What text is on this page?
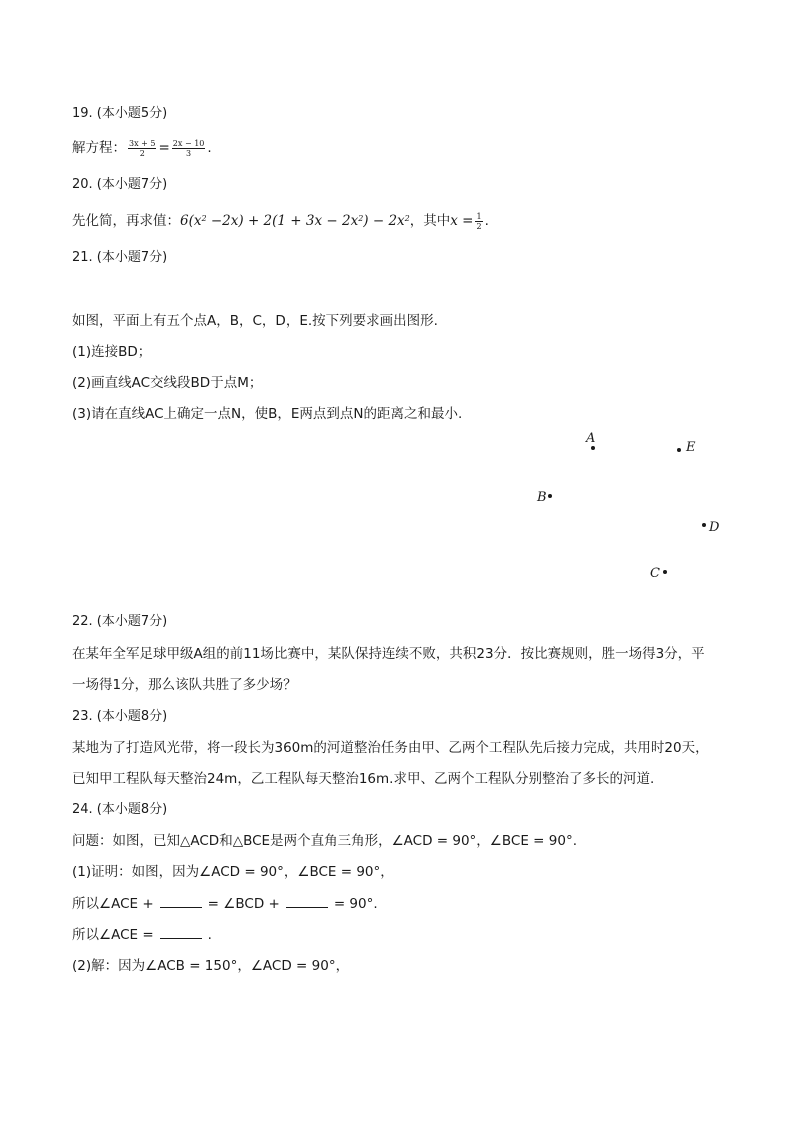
19. (本小题5分)
解方程： $\frac{3x + 5}{2} = \frac{2x - 10}{3}$ .
20. (本小题7分)
先化简，再求值：$6(x^2 -2x) + 2(1 + 3x - 2x^2) - 2x^2$，其中$x = \frac{1}{2}$ .
21. (本小题7分)
如图，平面上有五个点A，B，C，D，E.按下列要求画出图形.
(1)连接BD；
(2)画直线AC交线段BD于点M；
(3)请在直线AC上确定一点N，使B，E两点到点N的距离之和最小.
A
E
B
D
C
22. (本小题7分)
在某年全军足球甲级A组的前11场比赛中，某队保持连续不败，共积23分．按比赛规则，胜一场得3分，平
一场得1分，那么该队共胜了多少场？
23. (本小题8分)
某地为了打造风光带，将一段长为360m的河道整治任务由甲、乙两个工程队先后接力完成，共用时20天，
已知甲工程队每天整治24m，乙工程队每天整治16m.求甲、乙两个工程队分别整治了多长的河道.
24. (本小题8分)
问题：如图，已知△ACD和△BCE是两个直角三角形，∠ACD = 90°，∠BCE = 90°.
(1)证明：如图，因为∠ACD = 90°，∠BCE = 90°，
所以∠ACE +	= ∠BCD +	= 90°.
所以∠ACE =	.
(2)解：因为∠ACB = 150°，∠ACD = 90°，
